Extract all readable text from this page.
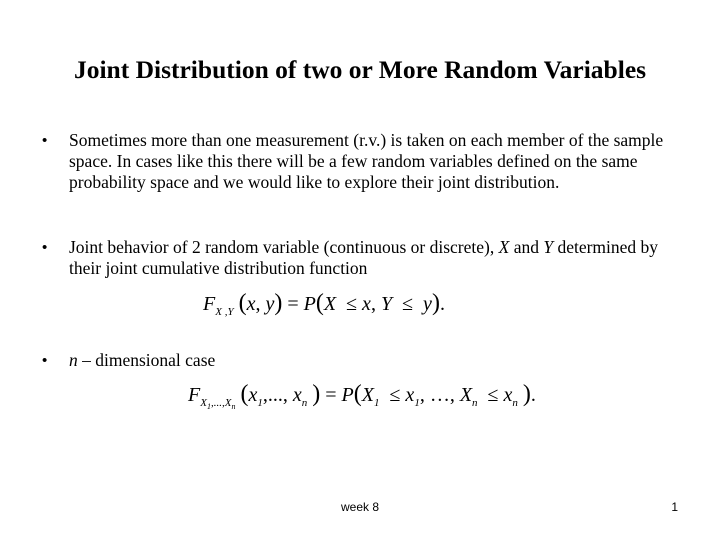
Joint Distribution of two or More Random Variables
• Sometimes more than one measurement (r.v.) is taken on each member of the sample space. In cases like this there will be a few random variables defined on the same probability space and we would like to explore their joint distribution.
• Joint behavior of 2 random variable (continuous or discrete), X and Y determined by their joint cumulative distribution function
$F_{X ,Y}$ (x, y) = P(X  ≤ x, Y  ≤  y).
• n – dimensional case
$F_{X_1,...,X_n}$ ($x_1$,..., $x_n$ ) = $P(X_1 \le x_1$, …, $X_n \le x_n$ ).
week 8	1
